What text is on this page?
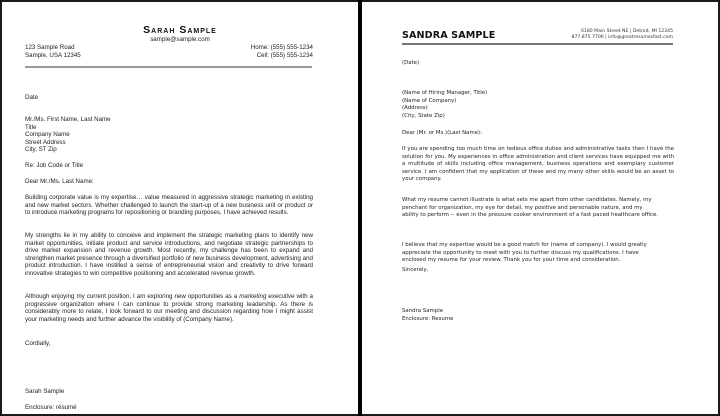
Sarah Sample
sample@sample.com
123 Sample Road
Sample, USA 12345
Home: (555) 555-1234
Cell: (555) 555-1234
Date
Mr./Ms. First Name, Last Name
Title
Company Name
Street Address
City, ST Zip
Re: Job Code or Title
Dear Mr./Ms. Last Name:
Building corporate value is my expertise… value measured in aggressive strategic marketing in existing and new market sectors. Whether challenged to launch the start-up of a new business unit or product or to introduce marketing programs for repositioning or branding purposes, I have achieved results.
My strengths lie in my ability to conceive and implement the strategic marketing plans to identify new market opportunities, initiate product and service introductions, and negotiate strategic partnerships to drive market expansion and revenue growth. Most recently, my challenge has been to expand and strengthen market presence through a diversified portfolio of new business development, advertising and product introduction. I have instilled a sense of entrepreneurial vision and creativity to drive forward innovative strategies to win competitive positioning and accelerated revenue growth.
Although enjoying my current position, I am exploring new opportunities as a marketing executive with a progressive organization where I can continue to provide strong marketing leadership. As there is considerably more to relate, I look forward to our meeting and discussion regarding how I might assist your marketing needs and further advance the visibility of (Company Name).
Cordially,
Sarah Sample
Enclosure: résumé
SANDRA SAMPLE	6180 Main Street NE | Detroit, MI 12345
877.875.7706 | info@greatresumesfast.com
(Date)
(Name of Hiring Manager, Title)
(Name of Company)
(Address)
(City, State Zip)
Dear (Mr. or Ms.)(Last Name):
If you are spending too much time on tedious office duties and administrative tasks then I have the solution for you. My experiences in office administration and client services have equipped me with a multitude of skills including office management, business operations and exemplary customer service. I am confident that my application of these and my many other skills would be an asset to your company.
What my resume cannot illustrate is what sets me apart from other candidates. Namely, my
penchant for organization, my eye for detail, my positive and personable nature, and my
ability to perform -- even in the pressure cooker environment of a fast paced healthcare office.
I believe that my expertise would be a good match for (name of company). I would greatly
appreciate the opportunity to meet with you to further discuss my qualifications. I have
enclosed my resume for your review. Thank you for your time and consideration.
Sincerely,
Sandra Sample
Enclosure: Resume
